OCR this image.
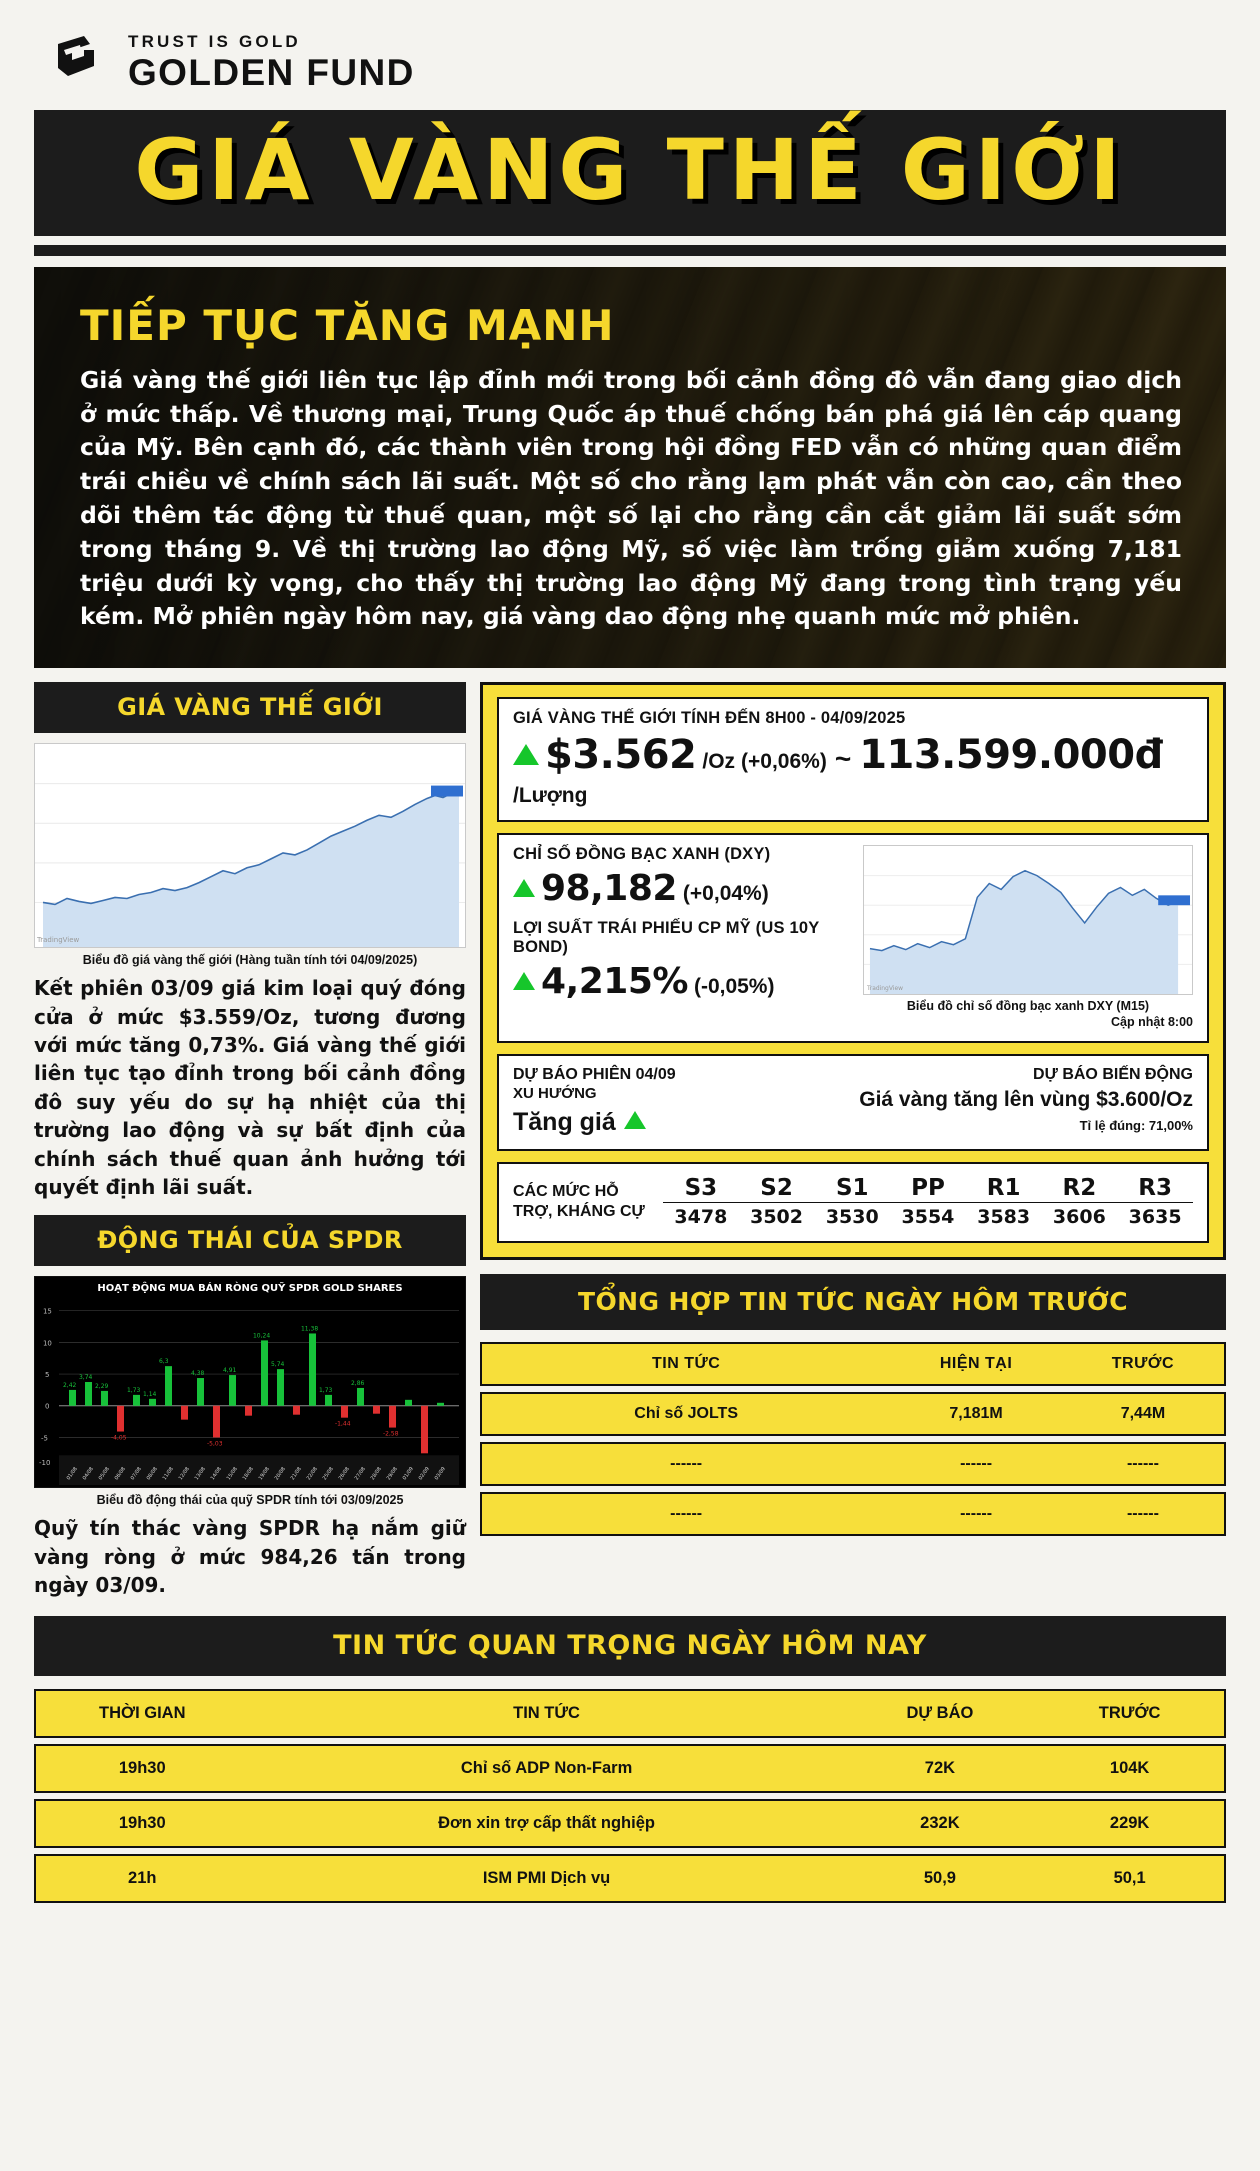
TRUST IS GOLD
GOLDEN FUND
GIÁ VÀNG THẾ GIỚI
TIẾP TỤC TĂNG MẠNH

Giá vàng thế giới liên tục lập đỉnh mới trong bối cảnh đồng đô vẫn đang giao dịch ở mức thấp. Về thương mại, Trung Quốc áp thuế chống bán phá giá lên cáp quang của Mỹ. Bên cạnh đó, các thành viên trong hội đồng FED vẫn có những quan điểm trái chiều về chính sách lãi suất. Một số cho rằng lạm phát vẫn còn cao, cần theo dõi thêm tác động từ thuế quan, một số lại cho rằng cần cắt giảm lãi suất sớm trong tháng 9. Về thị trường lao động Mỹ, số việc làm trống giảm xuống 7,181 triệu dưới kỳ vọng, cho thấy thị trường lao động Mỹ đang trong tình trạng yếu kém. Mở phiên ngày hôm nay, giá vàng dao động nhẹ quanh mức mở phiên.

GIÁ VÀNG THẾ GIỚI
TradingView
Biểu đồ giá vàng thế giới (Hàng tuần tính tới 04/09/2025)

Kết phiên 03/09 giá kim loại quý đóng cửa ở mức $3.559/Oz, tương đương với mức tăng 0,73%. Giá vàng thế giới liên tục tạo đỉnh trong bối cảnh đồng đô suy yếu do sự hạ nhiệt của thị trường lao động và sự bất định của chính sách thuế quan ảnh hưởng tới quyết định lãi suất.

ĐỘNG THÁI CỦA SPDR
HOẠT ĐỘNG MUA BÁN RÒNG QUỸ SPDR GOLD SHARES
15
10
5
0
-5
-10
2,42
3,74
2,29
6,3
4,38	4,91
10,24
5,74
11,38
1,73
2,86
1,73
1,14
-4,05
-5,03
-1,44
-2,58
01/08 04/08 05/08 06/08 07/08 08/08 11/08 12/08 13/08 14/08 15/08 18/08 19/08 20/08 21/08 22/08 25/08 26/08 27/08 28/08 29/08 01/09 02/09 03/09
Biểu đồ động thái của quỹ SPDR tính tới 03/09/2025

Quỹ tín thác vàng SPDR hạ nắm giữ vàng ròng ở mức 984,26 tấn trong ngày 03/09.

GIÁ VÀNG THẾ GIỚI TÍNH ĐẾN 8H00 - 04/09/2025
$3.562 /Oz (+0,06%) ~ 113.599.000đ
/Lượng
CHỈ SỐ ĐỒNG BẠC XANH (DXY)
98,182 (+0,04%)
LỢI SUẤT TRÁI PHIẾU CP MỸ (US 10Y BOND)
4,215% (-0,05%)	TradingView
Biểu đồ chỉ số đồng bạc xanh DXY (M15)
Cập nhật 8:00
DỰ BÁO PHIÊN 04/09
XU HƯỚNG
Tăng giá
DỰ BÁO BIẾN ĐỘNG
Giá vàng tăng lên vùng $3.600/Oz
Tỉ lệ đúng: 71,00%
CÁC MỨC HỖ TRỢ, KHÁNG CỰ
S3	S2	S1	PP	R1	R2	R3
3478	3502	3530	3554	3583	3606	3635
TỔNG HỢP TIN TỨC NGÀY HÔM TRƯỚC
TIN TỨC	HIỆN TẠI	TRƯỚC
Chỉ số JOLTS	7,181M	7,44M
------	------	------
------	------	------
TIN TỨC QUAN TRỌNG NGÀY HÔM NAY
THỜI GIAN	TIN TỨC	DỰ BÁO	TRƯỚC
19h30	Chỉ số ADP Non-Farm	72K	104K
19h30	Đơn xin trợ cấp thất nghiệp	232K	229K
21h	ISM PMI Dịch vụ	50,9	50,1
